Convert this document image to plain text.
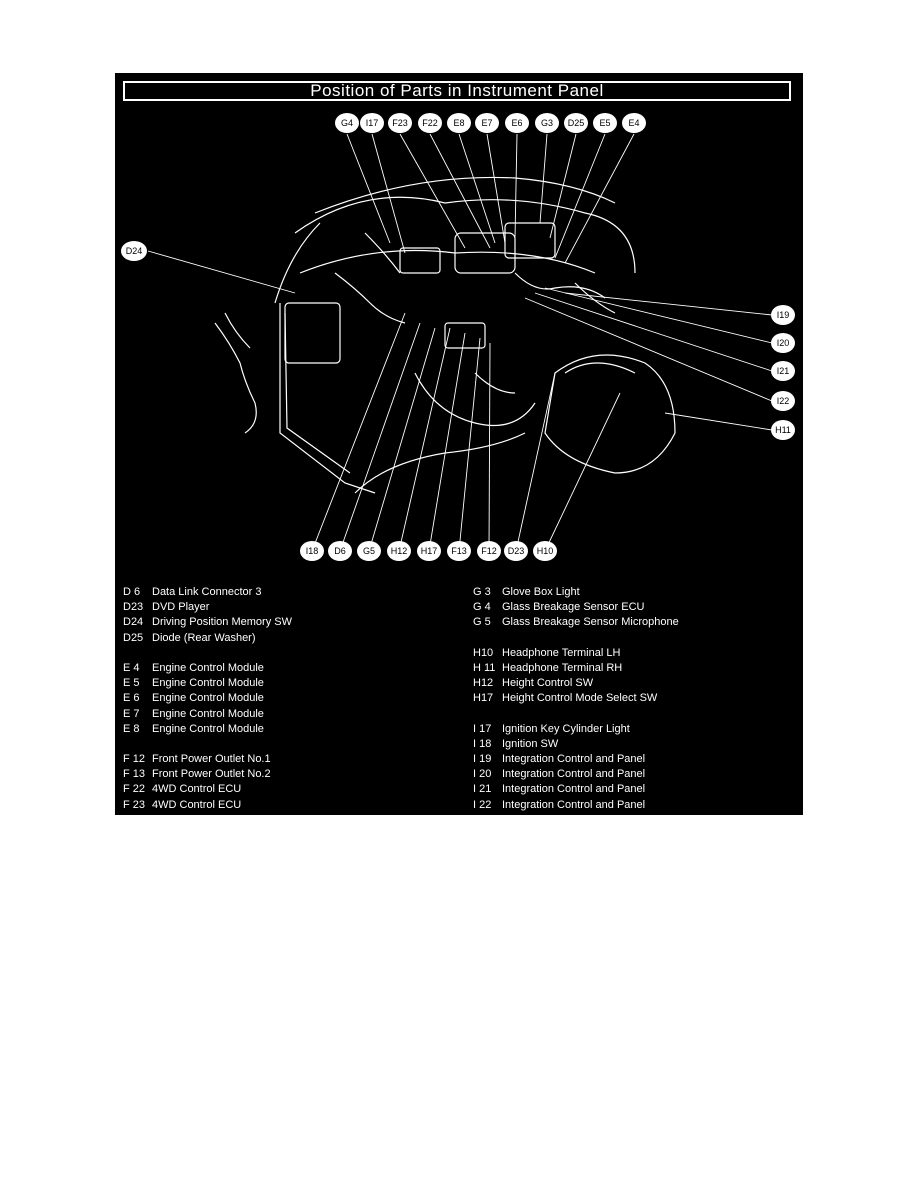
Position of Parts in Instrument Panel
G4 I17 F23 F22 E8 E7 E6 G3 D25 E5 E4
D24
I19
I20
I21
I22
H11
I18 D6 G5 H12 H17 F13 F12 D23 H10
D 6	Data Link Connector 3
D23 DVD Player
D24 Driving Position Memory SW
D25 Diode (Rear Washer)
E 4	Engine Control Module
E 5	Engine Control Module
E 6	Engine Control Module
E 7	Engine Control Module
E 8	Engine Control Module
F 12 Front Power Outlet No.1
F 13 Front Power Outlet No.2
F 22 4WD Control ECU
F 23 4WD Control ECU
G 3	Glove Box Light
G 4	Glass Breakage Sensor ECU
G 5	Glass Breakage Sensor Microphone
H10 Headphone Terminal LH
H 11 Headphone Terminal RH
H12 Height Control SW
H17 Height Control Mode Select SW
I 17 Ignition Key Cylinder Light
I 18 Ignition SW
I 19 Integration Control and Panel
I 20 Integration Control and Panel
I 21 Integration Control and Panel
I 22 Integration Control and Panel
